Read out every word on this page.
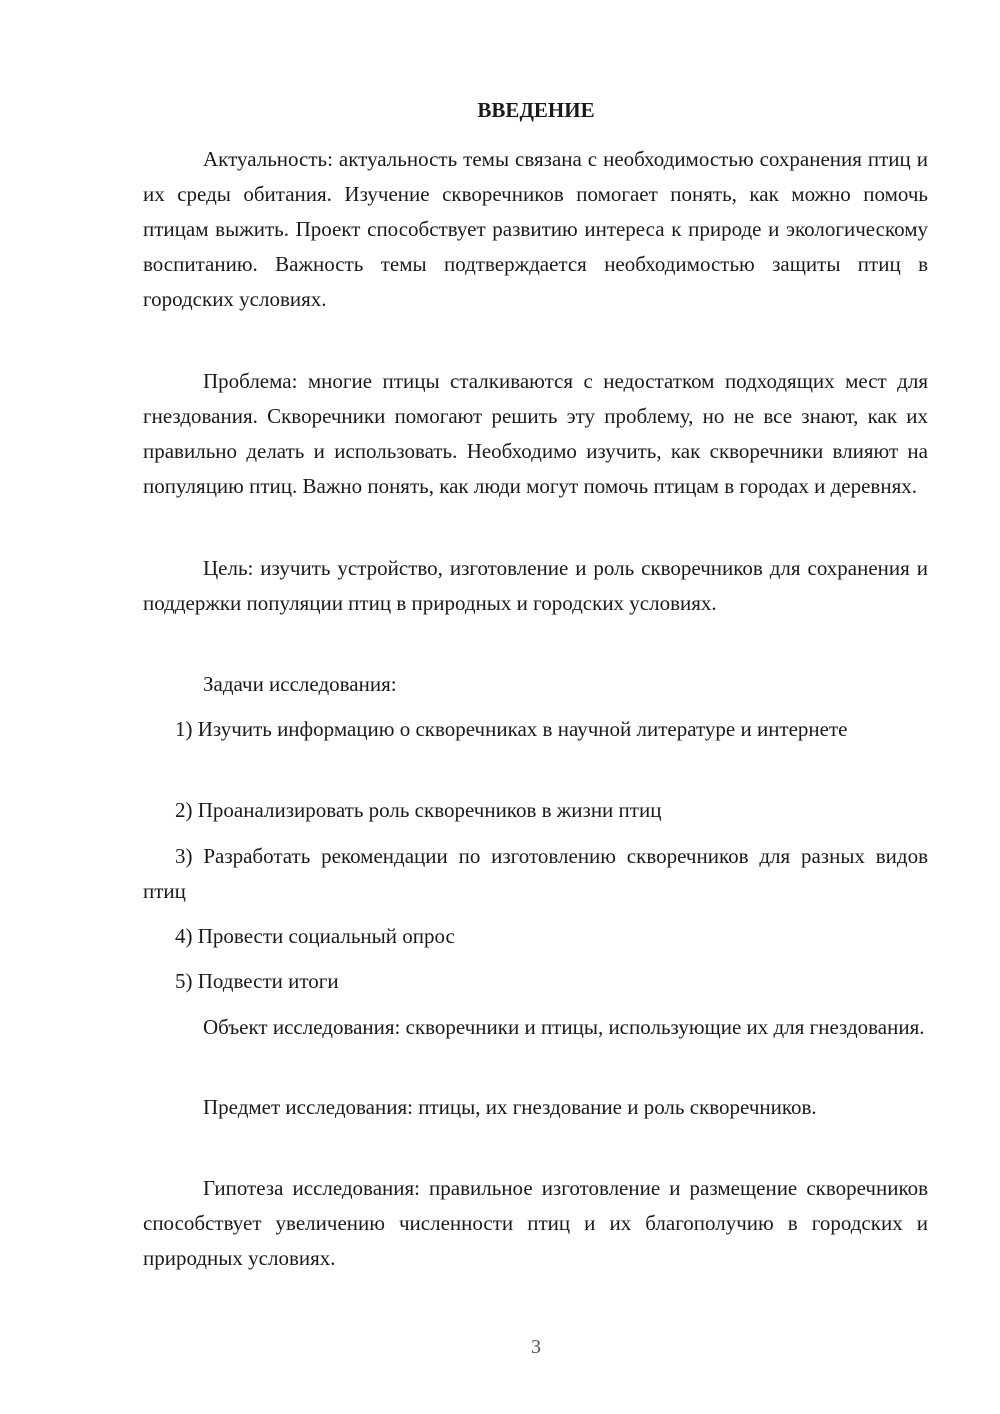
ВВЕДЕНИЕ

Актуальность: актуальность темы связана с необходимостью сохранения птиц и их среды обитания. Изучение скворечников помогает понять, как можно помочь птицам выжить. Проект способствует развитию интереса к природе и экологическому воспитанию. Важность темы подтверждается необходимостью защиты птиц в городских условиях.

Проблема: многие птицы сталкиваются с недостатком подходящих мест для гнездования. Скворечники помогают решить эту проблему, но не все знают, как их правильно делать и использовать. Необходимо изучить, как скворечники влияют на популяцию птиц. Важно понять, как люди могут помочь птицам в городах и деревнях.

Цель: изучить устройство, изготовление и роль скворечников для сохранения и поддержки популяции птиц в природных и городских условиях.

Задачи исследования:

1) Изучить информацию о скворечниках в научной литературе и интернете

2) Проанализировать роль скворечников в жизни птиц

3) Разработать рекомендации по изготовлению скворечников для разных видов птиц

4) Провести социальный опрос

5) Подвести итоги

Объект исследования: скворечники и птицы, использующие их для гнездования.

Предмет исследования: птицы, их гнездование и роль скворечников.

Гипотеза исследования: правильное изготовление и размещение скворечников способствует увеличению численности птиц и их благополучию в городских и природных условиях.

3
